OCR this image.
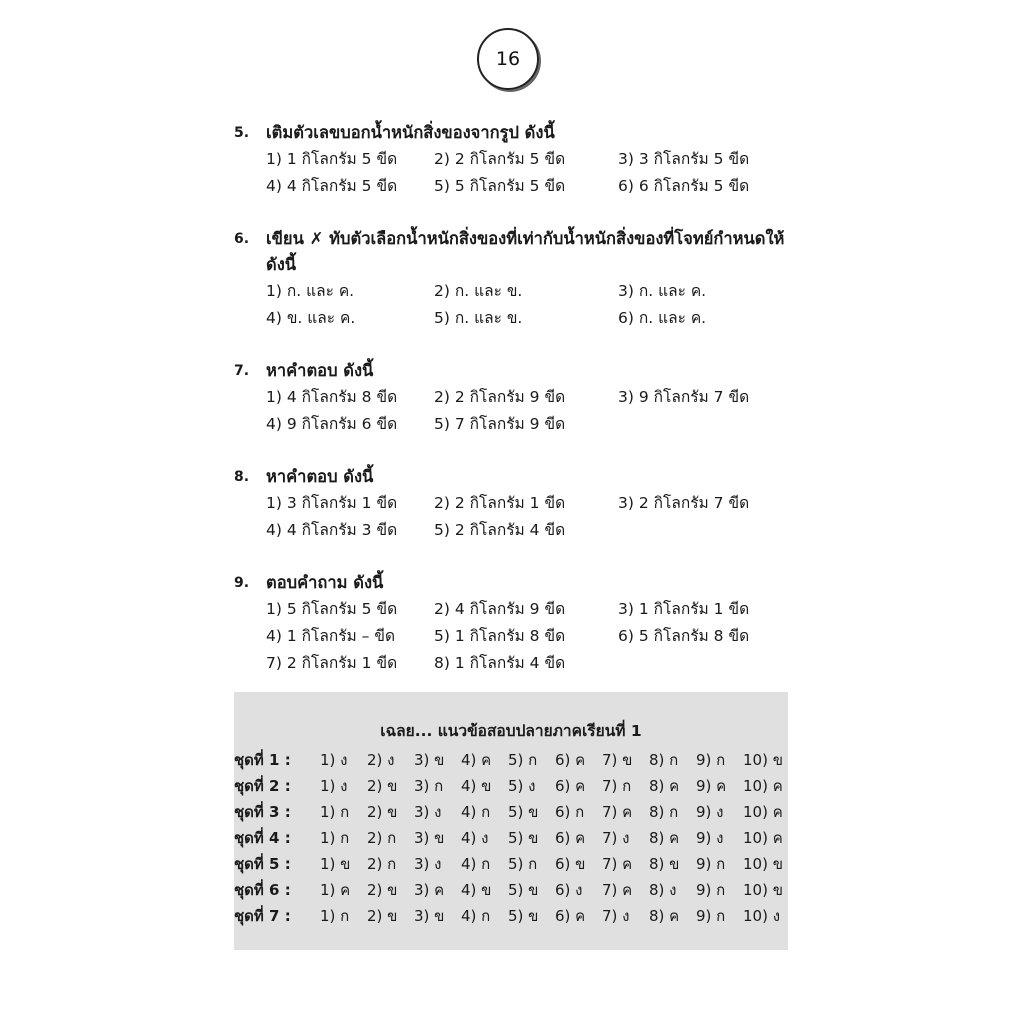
16
5.	เติมตัวเลขบอกน้ำหนักสิ่งของจากรูป ดังนี้
1) 1 กิโลกรัม 5 ขีด	2) 2 กิโลกรัม 5 ขีด	3) 3 กิโลกรัม 5 ขีด
4) 4 กิโลกรัม 5 ขีด	5) 5 กิโลกรัม 5 ขีด	6) 6 กิโลกรัม 5 ขีด
6.	เขียน ✗ ทับตัวเลือกน้ำหนักสิ่งของที่เท่ากับน้ำหนักสิ่งของที่โจทย์กำหนดให้ ดังนี้
1) ก. และ ค.	2) ก. และ ข.	3) ก. และ ค.
4) ข. และ ค.	5) ก. และ ข.	6) ก. และ ค.
7.	หาคำตอบ ดังนี้
1) 4 กิโลกรัม 8 ขีด	2) 2 กิโลกรัม 9 ขีด	3) 9 กิโลกรัม 7 ขีด
4) 9 กิโลกรัม 6 ขีด	5) 7 กิโลกรัม 9 ขีด
8.	หาคำตอบ ดังนี้
1) 3 กิโลกรัม 1 ขีด	2) 2 กิโลกรัม 1 ขีด	3) 2 กิโลกรัม 7 ขีด
4) 4 กิโลกรัม 3 ขีด	5) 2 กิโลกรัม 4 ขีด
9.	ตอบคำถาม ดังนี้
1) 5 กิโลกรัม 5 ขีด	2) 4 กิโลกรัม 9 ขีด	3) 1 กิโลกรัม 1 ขีด
4) 1 กิโลกรัม – ขีด	5) 1 กิโลกรัม 8 ขีด	6) 5 กิโลกรัม 8 ขีด
7) 2 กิโลกรัม 1 ขีด	8) 1 กิโลกรัม 4 ขีด
เฉลย... แนวข้อสอบปลายภาคเรียนที่ 1
ชุดที่ 1 :	1) ง	2) ง	3) ข	4) ค	5) ก	6) ค	7) ข	8) ก	9) ก	10) ข
ชุดที่ 2 :	1) ง	2) ข	3) ก	4) ข	5) ง	6) ค	7) ก	8) ค	9) ค	10) ค
ชุดที่ 3 :	1) ก	2) ข	3) ง	4) ก	5) ข	6) ก	7) ค	8) ก	9) ง	10) ค
ชุดที่ 4 :	1) ก	2) ก	3) ข	4) ง	5) ข	6) ค	7) ง	8) ค	9) ง	10) ค
ชุดที่ 5 :	1) ข	2) ก	3) ง	4) ก	5) ก	6) ข	7) ค	8) ข	9) ก	10) ข
ชุดที่ 6 :	1) ค	2) ข	3) ค	4) ข	5) ข	6) ง	7) ค	8) ง	9) ก	10) ข
ชุดที่ 7 :	1) ก	2) ข	3) ข	4) ก	5) ข	6) ค	7) ง	8) ค	9) ก	10) ง
